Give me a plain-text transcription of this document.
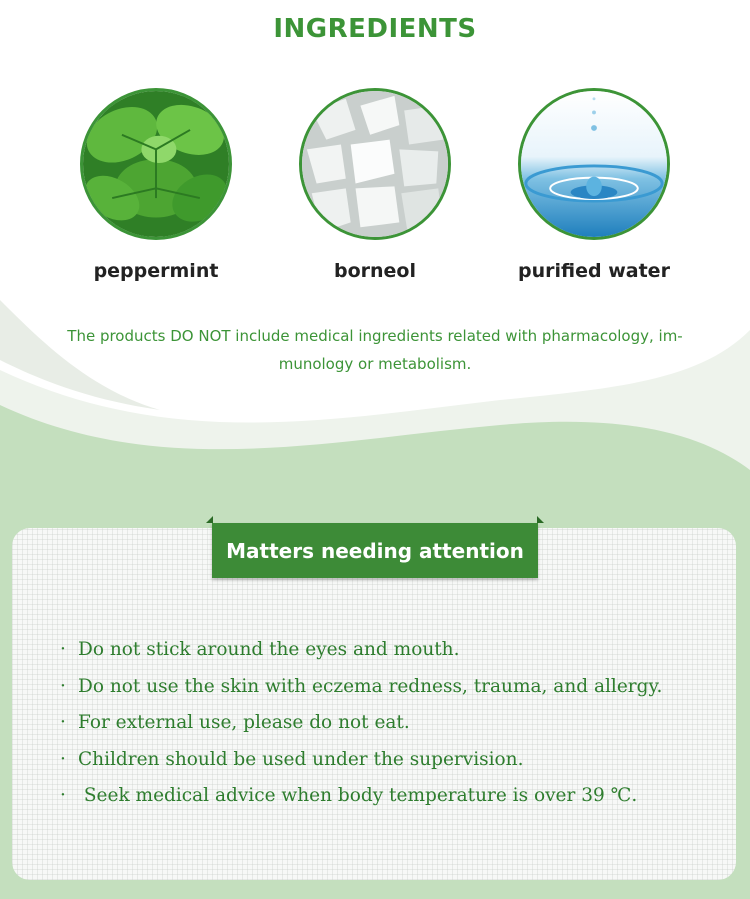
INGREDIENTS
peppermint	borneol	purified water
The products DO NOT include medical ingredients related with pharmacology, im-
munology or metabolism.
Matters needing attention
· Do not stick around the eyes and mouth.
· Do not use the skin with eczema redness, trauma, and allergy.
· For external use, please do not eat.
· Children should be used under the supervision.
· Seek medical advice when body temperature is over 39 ℃.
